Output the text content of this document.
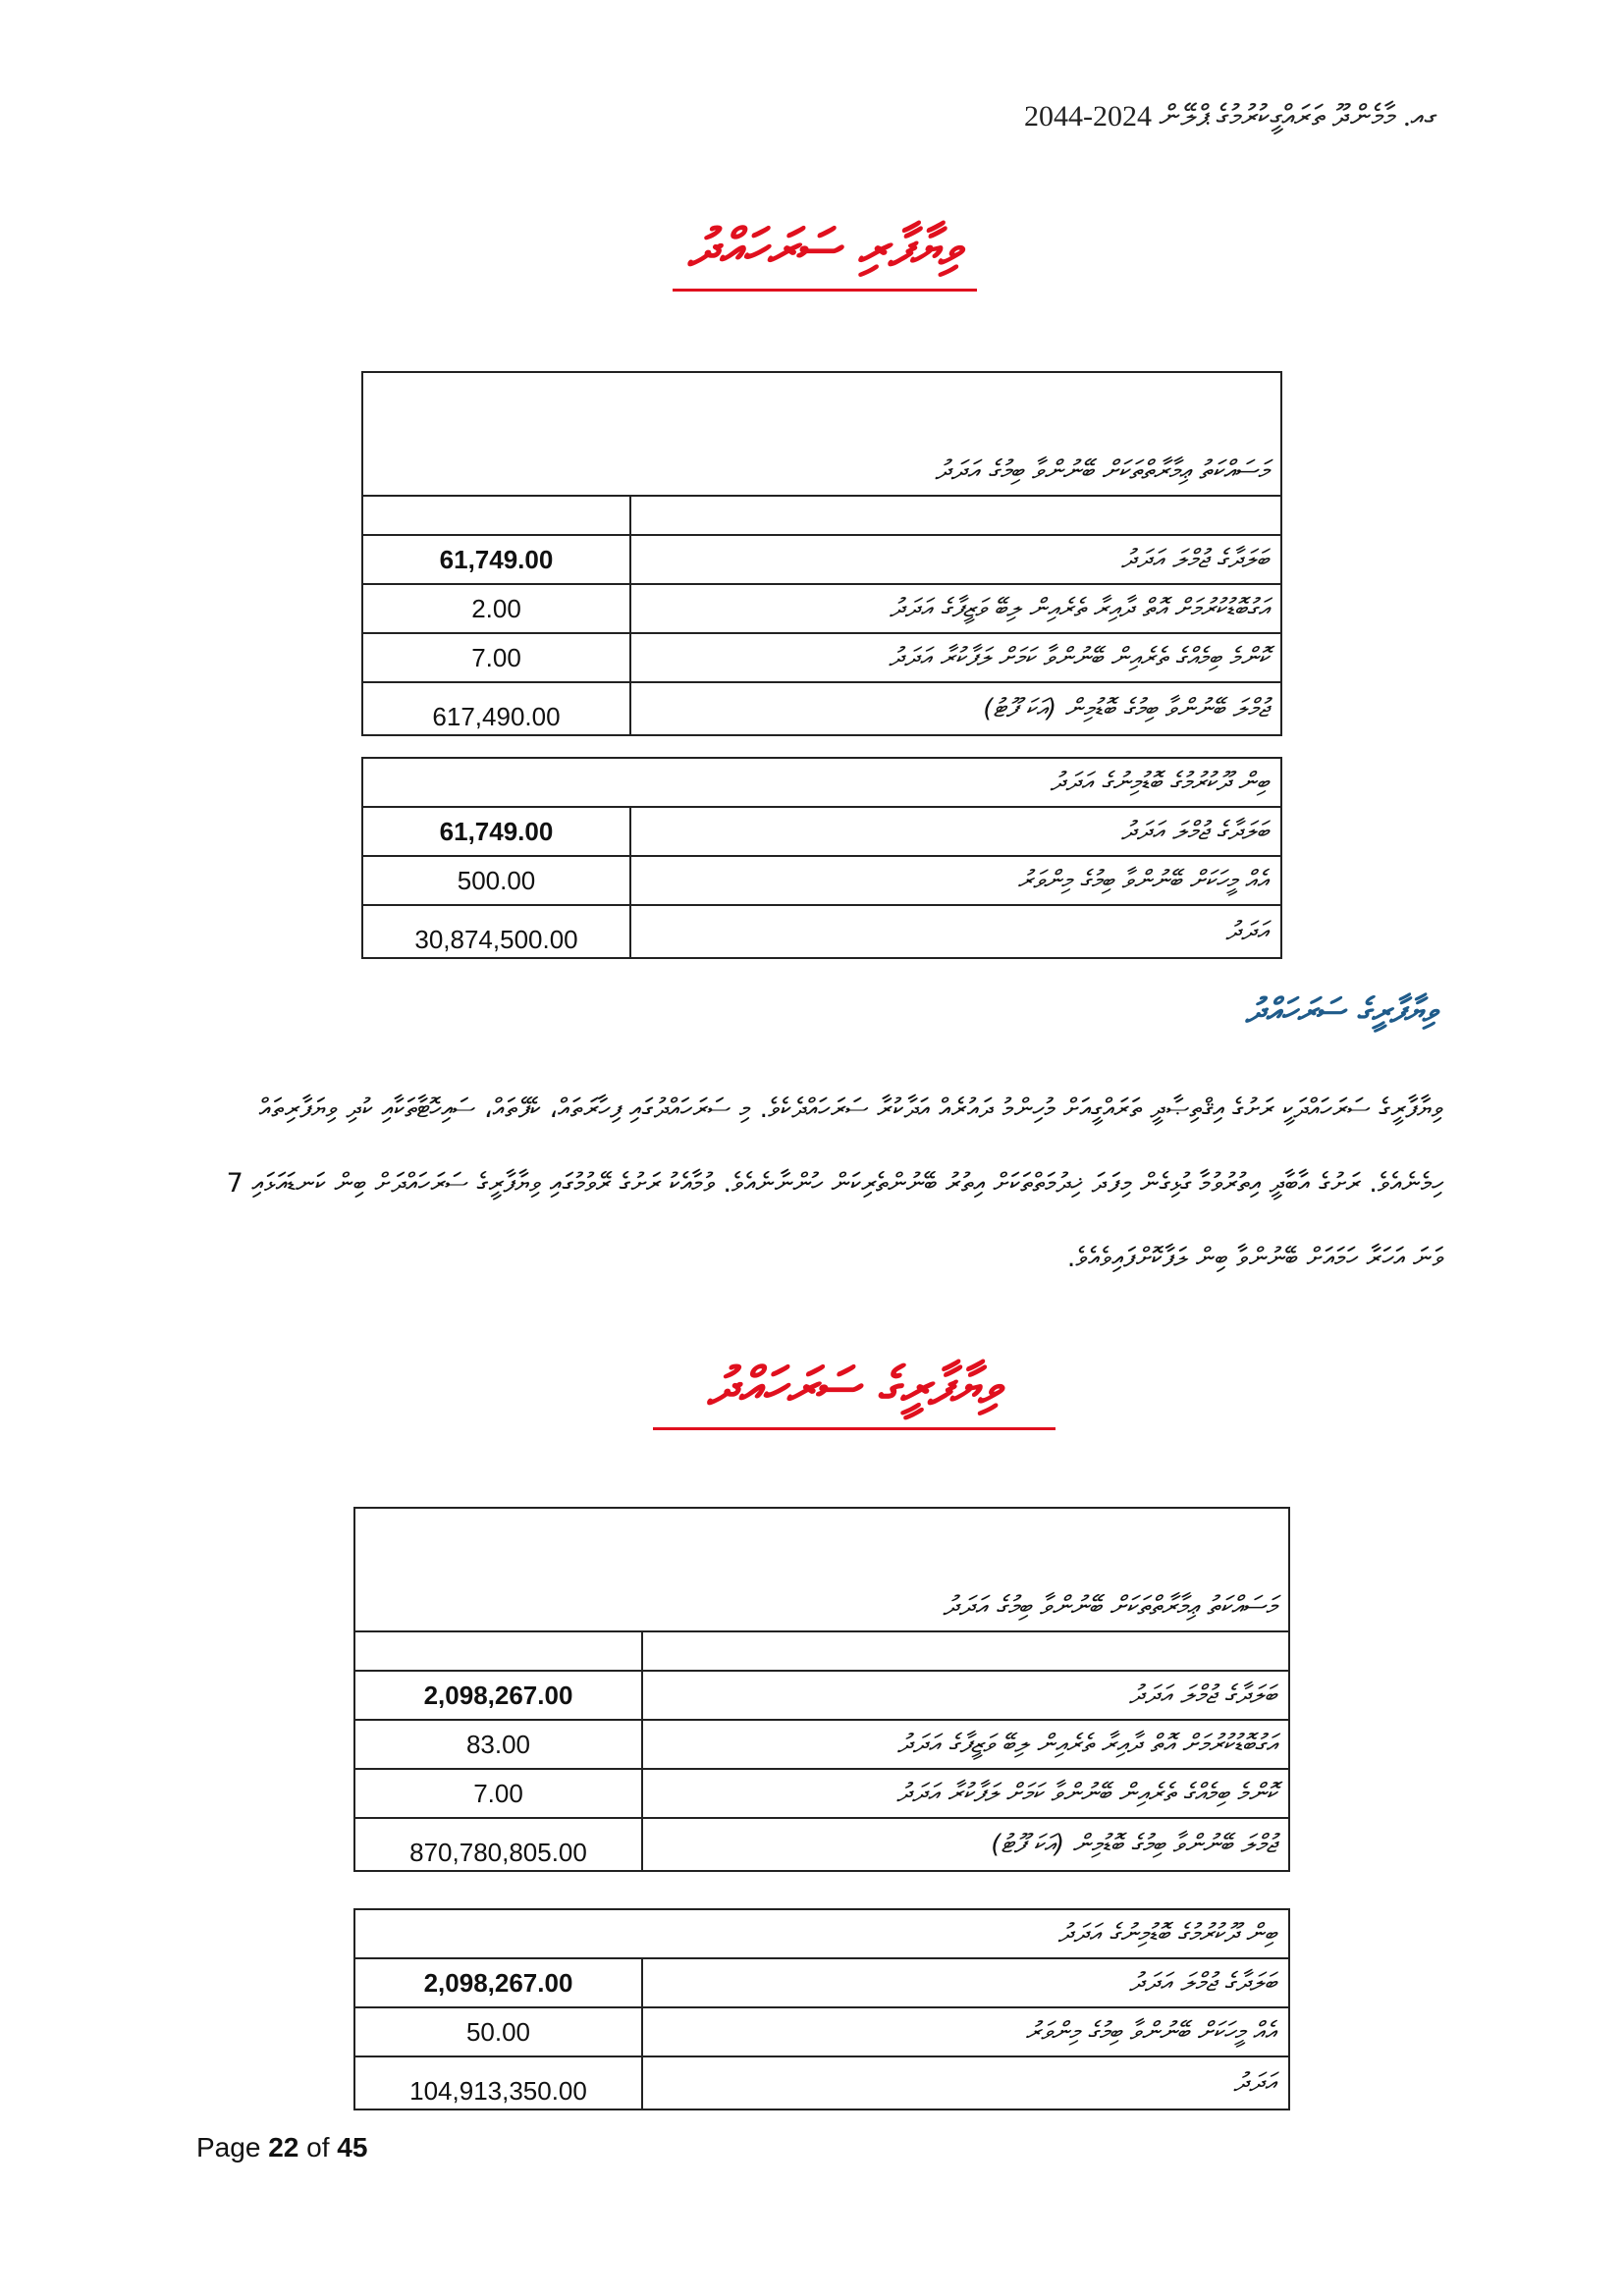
ގއ. މާމެންދޫ ތަރައްގީކުރުމުގެ ޕްލޭން 2024-2044
ވިޔާފާރި ސަރަހައްދު
މަސައްކަތު ޢިމާރާތްތަކަށް ބޭނުންވާ ބިމުގެ އަދަދު	

61,749.00	ބަލަދާގެ ޖުމްލަ އަދަދު
2.00	އަގުބޮޑުކުރުމަށް އޮތް ދާއިރާ ތެރެއިން ލިބޭ ވަޒީފާގެ އަދަދު
7.00	ކޮންމެ ބިމެއްގެ ތެރެއިން ބޭނުންވާ ކަމަށް ލަފާކުރާ އަދަދު
617,490.00	ޖުމްލަ ބޭނުންވާ ބިމުގެ ބޮޑުމިން (އަކަ ފޫޓު)
ބިން ދޫކުރުމުގެ ބޮޑުމިނުގެ އަދަދު	
61,749.00	ބަލަދާގެ ޖުމްލަ އަދަދު
500.00	އެއް މީހަކަށް ބޭނުންވާ ބިމުގެ މިންވަރު
30,874,500.00	އަދަދު
ވިޔާފާރީގެ ސަރަހައްދު
ވިޔާފާރީގެ ސަރަހައްދަކީ ރަށުގެ އިޤްތިޞާދީ ތަރައްގީއަށް މުހިންމު ދައުރެއް އަދާކުރާ ސަރަހައްދެކެވެ. މި ސަރަހައްދުގައި ފިހާރަތައް، ކެފޭތައް، ސައިހޮޓާތަކާއި ކުދި ވިޔަފާރިތައް ހިމެނެއެވެ. ރަށުގެ އާބާދީ އިތުރުވުމާ ގުޅިގެން މިފަދަ ޚިދުމަތްތަކަށް އިތުރު ބޭނުންތެރިކަން ހުންނާނެއެވެ. ވުމާއެކު ރަށުގެ ރޭވުމުގައި ވިޔާފާރީގެ ސަރަހައްދަށް ބިން ކަނޑައަޅައި 7 ވަނަ އަހަރާ ހަމައަށް ބޭނުންވާ ބިން ލަފާކޮށްފައިވެއެވެ.
ވިޔާފާރީގެ ސަރަހައްދު
މަސައްކަތު ޢިމާރާތްތަކަށް ބޭނުންވާ ބިމުގެ އަދަދު	

2,098,267.00	ބަލަދާގެ ޖުމްލަ އަދަދު
83.00	އަގުބޮޑުކުރުމަށް އޮތް ދާއިރާ ތެރެއިން ލިބޭ ވަޒީފާގެ އަދަދު
7.00	ކޮންމެ ބިމެއްގެ ތެރެއިން ބޭނުންވާ ކަމަށް ލަފާކުރާ އަދަދު
870,780,805.00	ޖުމްލަ ބޭނުންވާ ބިމުގެ ބޮޑުމިން (އަކަ ފޫޓު)
ބިން ދޫކުރުމުގެ ބޮޑުމިނުގެ އަދަދު	
2,098,267.00	ބަލަދާގެ ޖުމްލަ އަދަދު
50.00	އެއް މީހަކަށް ބޭނުންވާ ބިމުގެ މިންވަރު
104,913,350.00	އަދަދު
Page 22 of 45
